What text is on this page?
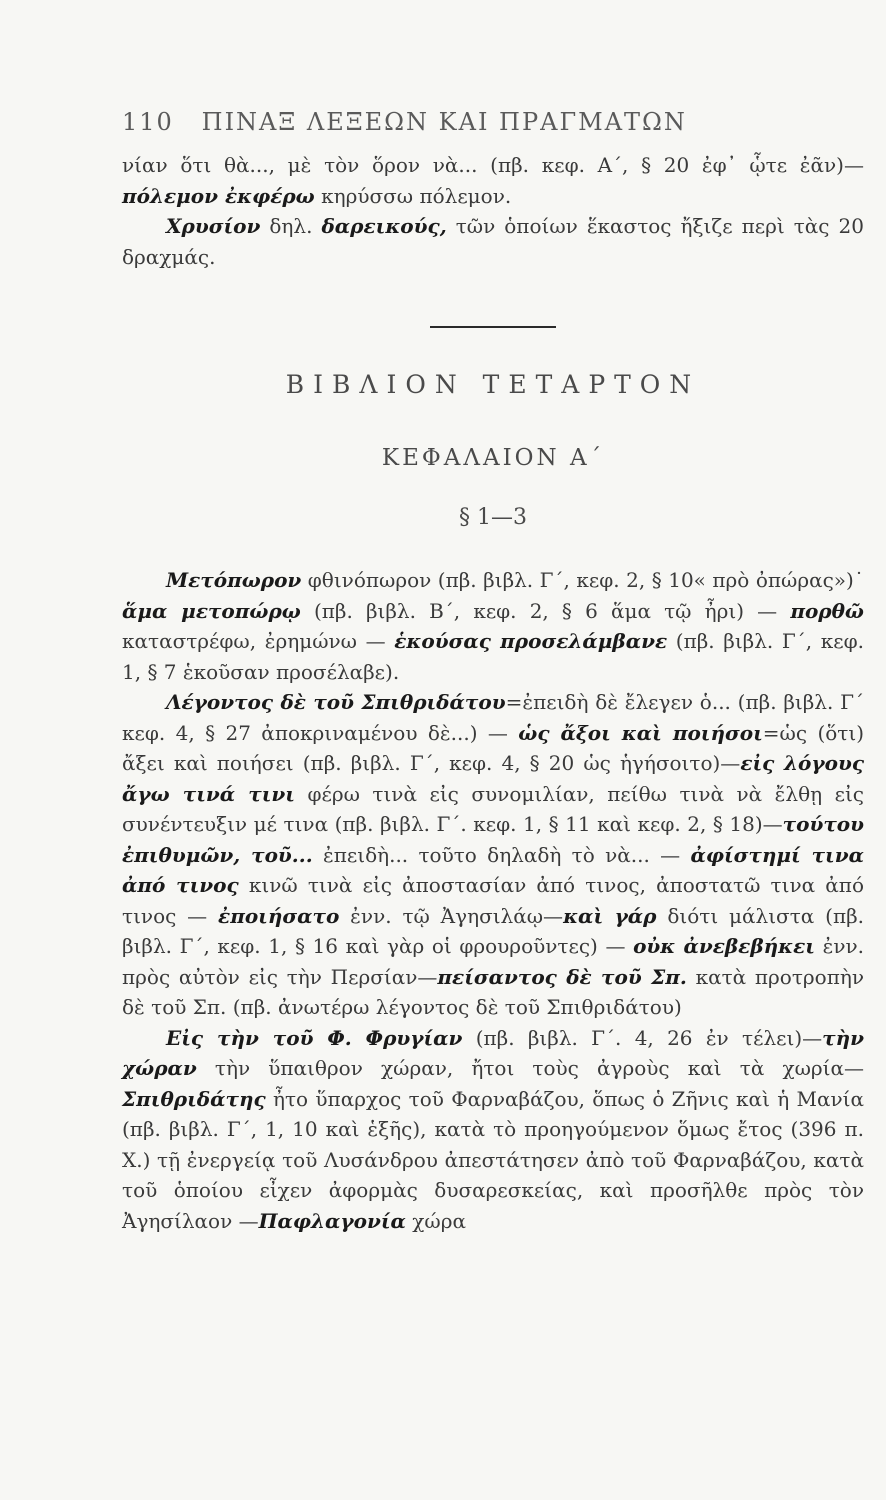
110 ΠΙΝΑΞ ΛΕΞΕΩΝ ΚΑΙ ΠΡΑΓΜΑΤΩΝ

νίαν ὅτι θὰ..., μὲ τὸν ὅρον νὰ... (πβ. κεφ. Α΄, § 20 ἐφ᾽ ᾧτε ἐᾶν)—πόλεμον ἐκφέρω κηρύσσω πόλεμον.

Χρυσίον δηλ. δαρεικούς, τῶν ὁποίων ἕκαστος ἤξιζε περὶ τὰς 20 δραχμάς.

ΒΙΒΛΙΟΝ ΤΕΤΑΡΤΟΝ
ΚΕΦΑΛΑΙΟΝ Α΄
§ 1—3

Μετόπωρον φθινόπωρον (πβ. βιβλ. Γ΄, κεφ. 2, § 10« πρὸ ὀπώρας»)˙ ἅμα μετοπώρῳ (πβ. βιβλ. Β΄, κεφ. 2, § 6 ἅμα τῷ ἦρι) — πορθῶ καταστρέφω, ἐρημώνω — ἑκούσας προσελάμβανε (πβ. βιβλ. Γ΄, κεφ. 1, § 7 ἑκοῦσαν προσέλαβε).

Λέγοντος δὲ τοῦ Σπιθριδάτου=ἐπειδὴ δὲ ἔλεγεν ὁ... (πβ. βιβλ. Γ΄ κεφ. 4, § 27 ἀποκριναμένου δὲ...) — ὡς ἄξοι καὶ ποιήσοι=ὡς (ὅτι) ἄξει καὶ ποιήσει (πβ. βιβλ. Γ΄, κεφ. 4, § 20 ὡς ἡγήσοιτο)—εἰς λόγους ἄγω τινά τινι φέρω τινὰ εἰς συνομιλίαν, πείθω τινὰ νὰ ἔλθῃ εἰς συνέντευξιν μέ τινα (πβ. βιβλ. Γ΄. κεφ. 1, § 11 καὶ κεφ. 2, § 18)—τούτου ἐπιθυμῶν, τοῦ... ἐπειδὴ... τοῦτο δηλαδὴ τὸ νὰ... — ἀφίστημί τινα ἀπό τινος κινῶ τινὰ εἰς ἀποστασίαν ἀπό τινος, ἀποστατῶ τινα ἀπό τινος — ἐποιήσατο ἐνν. τῷ Ἀγησιλάῳ—καὶ γάρ διότι μάλιστα (πβ. βιβλ. Γ΄, κεφ. 1, § 16 καὶ γὰρ οἱ φρουροῦντες) — οὐκ ἀνεβεβήκει ἐνν. πρὸς αὐτὸν εἰς τὴν Περσίαν—πείσαντος δὲ τοῦ Σπ. κατὰ προτροπὴν δὲ τοῦ Σπ. (πβ. ἀνωτέρω λέγοντος δὲ τοῦ Σπιθριδάτου)

Εἰς τὴν τοῦ Φ. Φρυγίαν (πβ. βιβλ. Γ΄. 4, 26 ἐν τέλει)—τὴν χώραν τὴν ὕπαιθρον χώραν, ἤτοι τοὺς ἀγροὺς καὶ τὰ χωρία— Σπιθριδάτης ἦτο ὕπαρχος τοῦ Φαρναβάζου, ὅπως ὁ Ζῆνις καὶ ἡ Μανία (πβ. βιβλ. Γ΄, 1, 10 καὶ ἑξῆς), κατὰ τὸ προηγούμενον ὅμως ἔτος (396 π. Χ.) τῇ ἐνεργείᾳ τοῦ Λυσάνδρου ἀπεστάτησεν ἀπὸ τοῦ Φαρναβάζου, κατὰ τοῦ ὁποίου εἶχεν ἀφορμὰς δυσαρεσκείας, καὶ προσῆλθε πρὸς τὸν Ἀγησίλαον —Παφλαγονία χώρα
